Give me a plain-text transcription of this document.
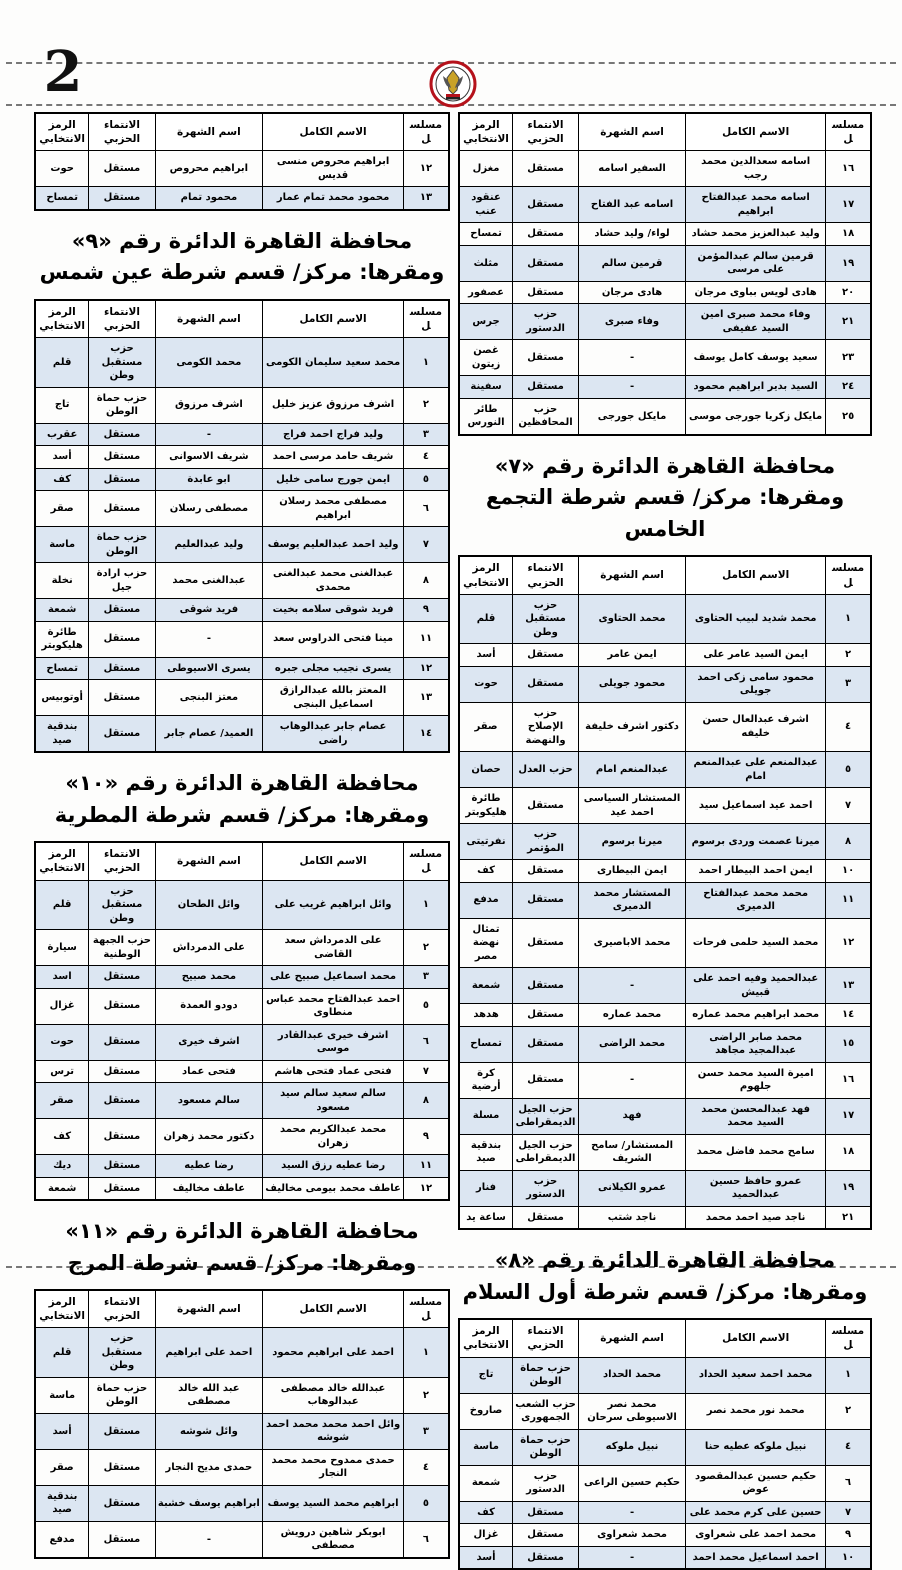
2
مسلسل	الاسم الكامل	اسم الشهرة	الانتماء الحزبي	الرمز الانتخابي
١٦	اسامه سعدالدين محمد رجب	السفير اسامه	مستقل	مغزل
١٧	اسامه محمد عبدالفتاح ابراهيم	اسامه عبد الفتاح	مستقل	عنقود عنب
١٨	وليد عبدالعزيز محمد حشاد	لواء/ وليد حشاد	مستقل	تمساح
١٩	قرمين سالم عبدالمؤمن على مرسى	قرمين سالم	مستقل	مثلث
٢٠	هادى لويس بباوى مرجان	هادى مرجان	مستقل	عصفور
٢١	وفاء محمد صبرى امين السيد عفيفى	وفاء صبرى	حزب الدستور	جرس
٢٣	سعيد يوسف كامل يوسف	-	مستقل	غصن زيتون
٢٤	السيد بدير ابراهيم محمود	-	مستقل	سفينة
٢٥	مايكل زكريا جورجى موسى	مايكل جورجى	حزب المحافظين	طائر النورس
محافظة القاهرة الدائرة رقم «٧»
ومقرها: مركز/ قسم شرطة التجمع الخامس
مسلسل	الاسم الكامل	اسم الشهرة	الانتماء الحزبي	الرمز الانتخابي
١	محمد شديد لبيب الحتاوى	محمد الحتاوى	حزب مستقبل وطن	قلم
٢	ايمن السيد عامر على	ايمن عامر	مستقل	أسد
٣	محمود سامى زكى احمد جويلى	محمود جويلى	مستقل	حوت
٤	اشرف عبدالعال حسن خليفه	دكتور اشرف خليفة	حزب الإصلاح والنهضة	صقر
٥	عبدالمنعم على عبدالمنعم امام	عبدالمنعم امام	حزب العدل	حصان
٧	احمد عيد اسماعيل سيد	المستشار السياسى احمد عيد	مستقل	طائرة هليكوبتر
٨	ميرنا عصمت وردى برسوم	ميرنا برسوم	حزب المؤتمر	نفرتيتى
١٠	ايمن احمد البيطار احمد	ايمن البيطارى	مستقل	كف
١١	محمد محمد عبدالفتاح الدميرى	المستشار محمد الدميرى	مستقل	مدفع
١٢	محمد السيد حلمى فرحات	محمد الاباصيرى	مستقل	تمثال نهضة مصر
١٣	عبدالحميد وفيه احمد على قبيش	-	مستقل	شمعة
١٤	محمد ابراهيم محمد عماره	محمد عماره	مستقل	هدهد
١٥	محمد صابر الراضى عبدالمجيد مجاهد	محمد الراضى	مستقل	تمساح
١٦	اميرة السيد محمد حسن جلهوم	-	مستقل	كرة أرضية
١٧	فهد عبدالمحسن محمد السيد محمد	فهد	حزب الجيل الديمقراطى	مسلة
١٨	سامح محمد فاضل محمد	المستشار/ سامح الشريف	حزب الجيل الديمقراطى	بندقية صيد
١٩	عمرو حافظ حسين عبدالحميد	عمرو الكيلانى	حزب الدستور	فنار
٢١	ناجد صيد احمد محمد	ناجد شتب	مستقل	ساعة يد
محافظة القاهرة الدائرة رقم «٨»
ومقرها: مركز/ قسم شرطة أول السلام
مسلسل	الاسم الكامل	اسم الشهرة	الانتماء الحزبي	الرمز الانتخابي
١	محمد احمد سعيد الحداد	محمد الحداد	حزب حماة الوطن	تاج
٢	محمد نور محمد نصر	محمد نصر الاسيوطى سرحان	حزب الشعب الجمهورى	صاروخ
٤	نبيل ملوكه عطيه حنا	نبيل ملوكه	حزب حماة الوطن	ماسة
٦	حكيم حسين عبدالمقصود عوض	حكيم حسين الراعى	حزب الدستور	شمعة
٧	حسين على كرم محمد على	-	مستقل	كف
٩	محمد احمد على شعراوى	محمد شعراوى	مستقل	غزال
١٠	احمد اسماعيل محمد احمد	-	مستقل	أسد
مسلسل	الاسم الكامل	اسم الشهرة	الانتماء الحزبي	الرمز الانتخابي
١٢	ابراهيم محروص منسى قديس	ابراهيم محروص	مستقل	حوت
١٣	محمود محمد تمام عمار	محمود تمام	مستقل	تمساح
محافظة القاهرة الدائرة رقم «٩»
ومقرها: مركز/ قسم شرطة عين شمس
مسلسل	الاسم الكامل	اسم الشهرة	الانتماء الحزبي	الرمز الانتخابي
١	محمد سعيد سليمان الكومى	محمد الكومى	حزب مستقبل وطن	قلم
٢	اشرف مرزوق عزيز خليل	اشرف مرزوق	حزب حماة الوطن	تاج
٣	وليد فراج احمد فراج	-	مستقل	عقرب
٤	شريف حامد مرسى احمد	شريف الاسوانى	مستقل	أسد
٥	ايمن جورج سامى خليل	ابو عابدة	مستقل	كف
٦	مصطفى محمد رسلان ابراهيم	مصطفى رسلان	مستقل	صقر
٧	وليد احمد عبدالعليم يوسف	وليد عبدالعليم	حزب حماة الوطن	ماسة
٨	عبدالغنى محمد عبدالغنى محمدى	عبدالغنى محمد	حزب ارادة جيل	نخلة
٩	فريد شوقى سلامه بخيت	فريد شوقى	مستقل	شمعة
١١	مينا فتحى الدراوس سعد	-	مستقل	طائرة هليكوبتر
١٢	يسرى نجيب مجلى جبره	يسرى الاسيوطى	مستقل	تمساح
١٣	المعتز بالله عبدالرازق اسماعيل البنجى	معتز البنجى	مستقل	أوتوبيس
١٤	عصام جابر عبدالوهاب راضى	العميد/ عصام جابر	مستقل	بندقية صيد
محافظة القاهرة الدائرة رقم «١٠»
ومقرها: مركز/ قسم شرطة المطرية
مسلسل	الاسم الكامل	اسم الشهرة	الانتماء الحزبي	الرمز الانتخابي
١	وائل ابراهيم غريب على	وائل الطحان	حزب مستقبل وطن	قلم
٢	على الدمرداش سعد القاضى	على الدمرداش	حزب الجبهة الوطنية	سيارة
٣	محمد اسماعيل صبيح على	محمد صبيح	مستقل	اسد
٥	احمد عبدالفتاح محمد عباس منطاوى	دودو العمدة	مستقل	غزال
٦	اشرف خيرى عبدالقادر موسى	اشرف خيرى	مستقل	حوت
٧	فتحى عماد فتحى هاشم	فتحى عماد	مستقل	ترس
٨	سالم سعيد سالم سيد مسعود	سالم مسعود	مستقل	صقر
٩	محمد عبدالكريم محمد زهران	دكتور محمد زهران	مستقل	كف
١١	رضا عطيه رزق السيد	رضا عطيه	مستقل	ديك
١٢	عاطف محمد بيومى مخاليف	عاطف مخاليف	مستقل	شمعة
محافظة القاهرة الدائرة رقم «١١»
ومقرها: مركز/ قسم شرطة المرج
مسلسل	الاسم الكامل	اسم الشهرة	الانتماء الحزبي	الرمز الانتخابي
١	احمد على ابراهيم محمود	احمد على ابراهيم	حزب مستقبل وطن	قلم
٢	عبدالله خالد مصطفى عبدالوهاب	عبد الله خالد مصطفى	حزب حماة الوطن	ماسة
٣	وائل احمد محمد محمد احمد شوشه	وائل شوشه	مستقل	أسد
٤	حمدى ممدوح محمد محمد النجار	حمدى مديح النجار	مستقل	صقر
٥	ابراهيم محمد السيد يوسف	ابراهيم يوسف خشبة	مستقل	بندقية صيد
٦	ابوبكر شاهين درويش مصطفى	-	مستقل	مدفع
